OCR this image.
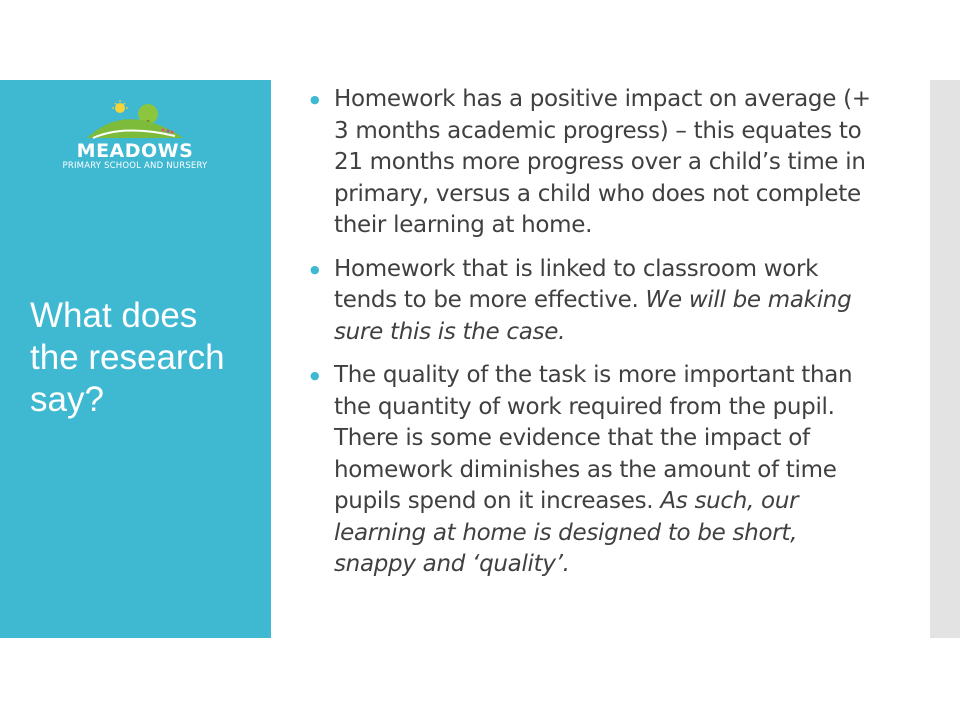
MEADOWS
PRIMARY SCHOOL AND NURSERY
What does the research say?
● Homework has a positive impact on average (+ 3 months academic progress) – this equates to 21 months more progress over a child’s time in primary, versus a child who does not complete their learning at home.
● Homework that is linked to classroom work tends to be more effective. We will be making sure this is the case.
● The quality of the task is more important than the quantity of work required from the pupil. There is some evidence that the impact of homework diminishes as the amount of time pupils spend on it increases. As such, our learning at home is designed to be short, snappy and ‘quality’.
